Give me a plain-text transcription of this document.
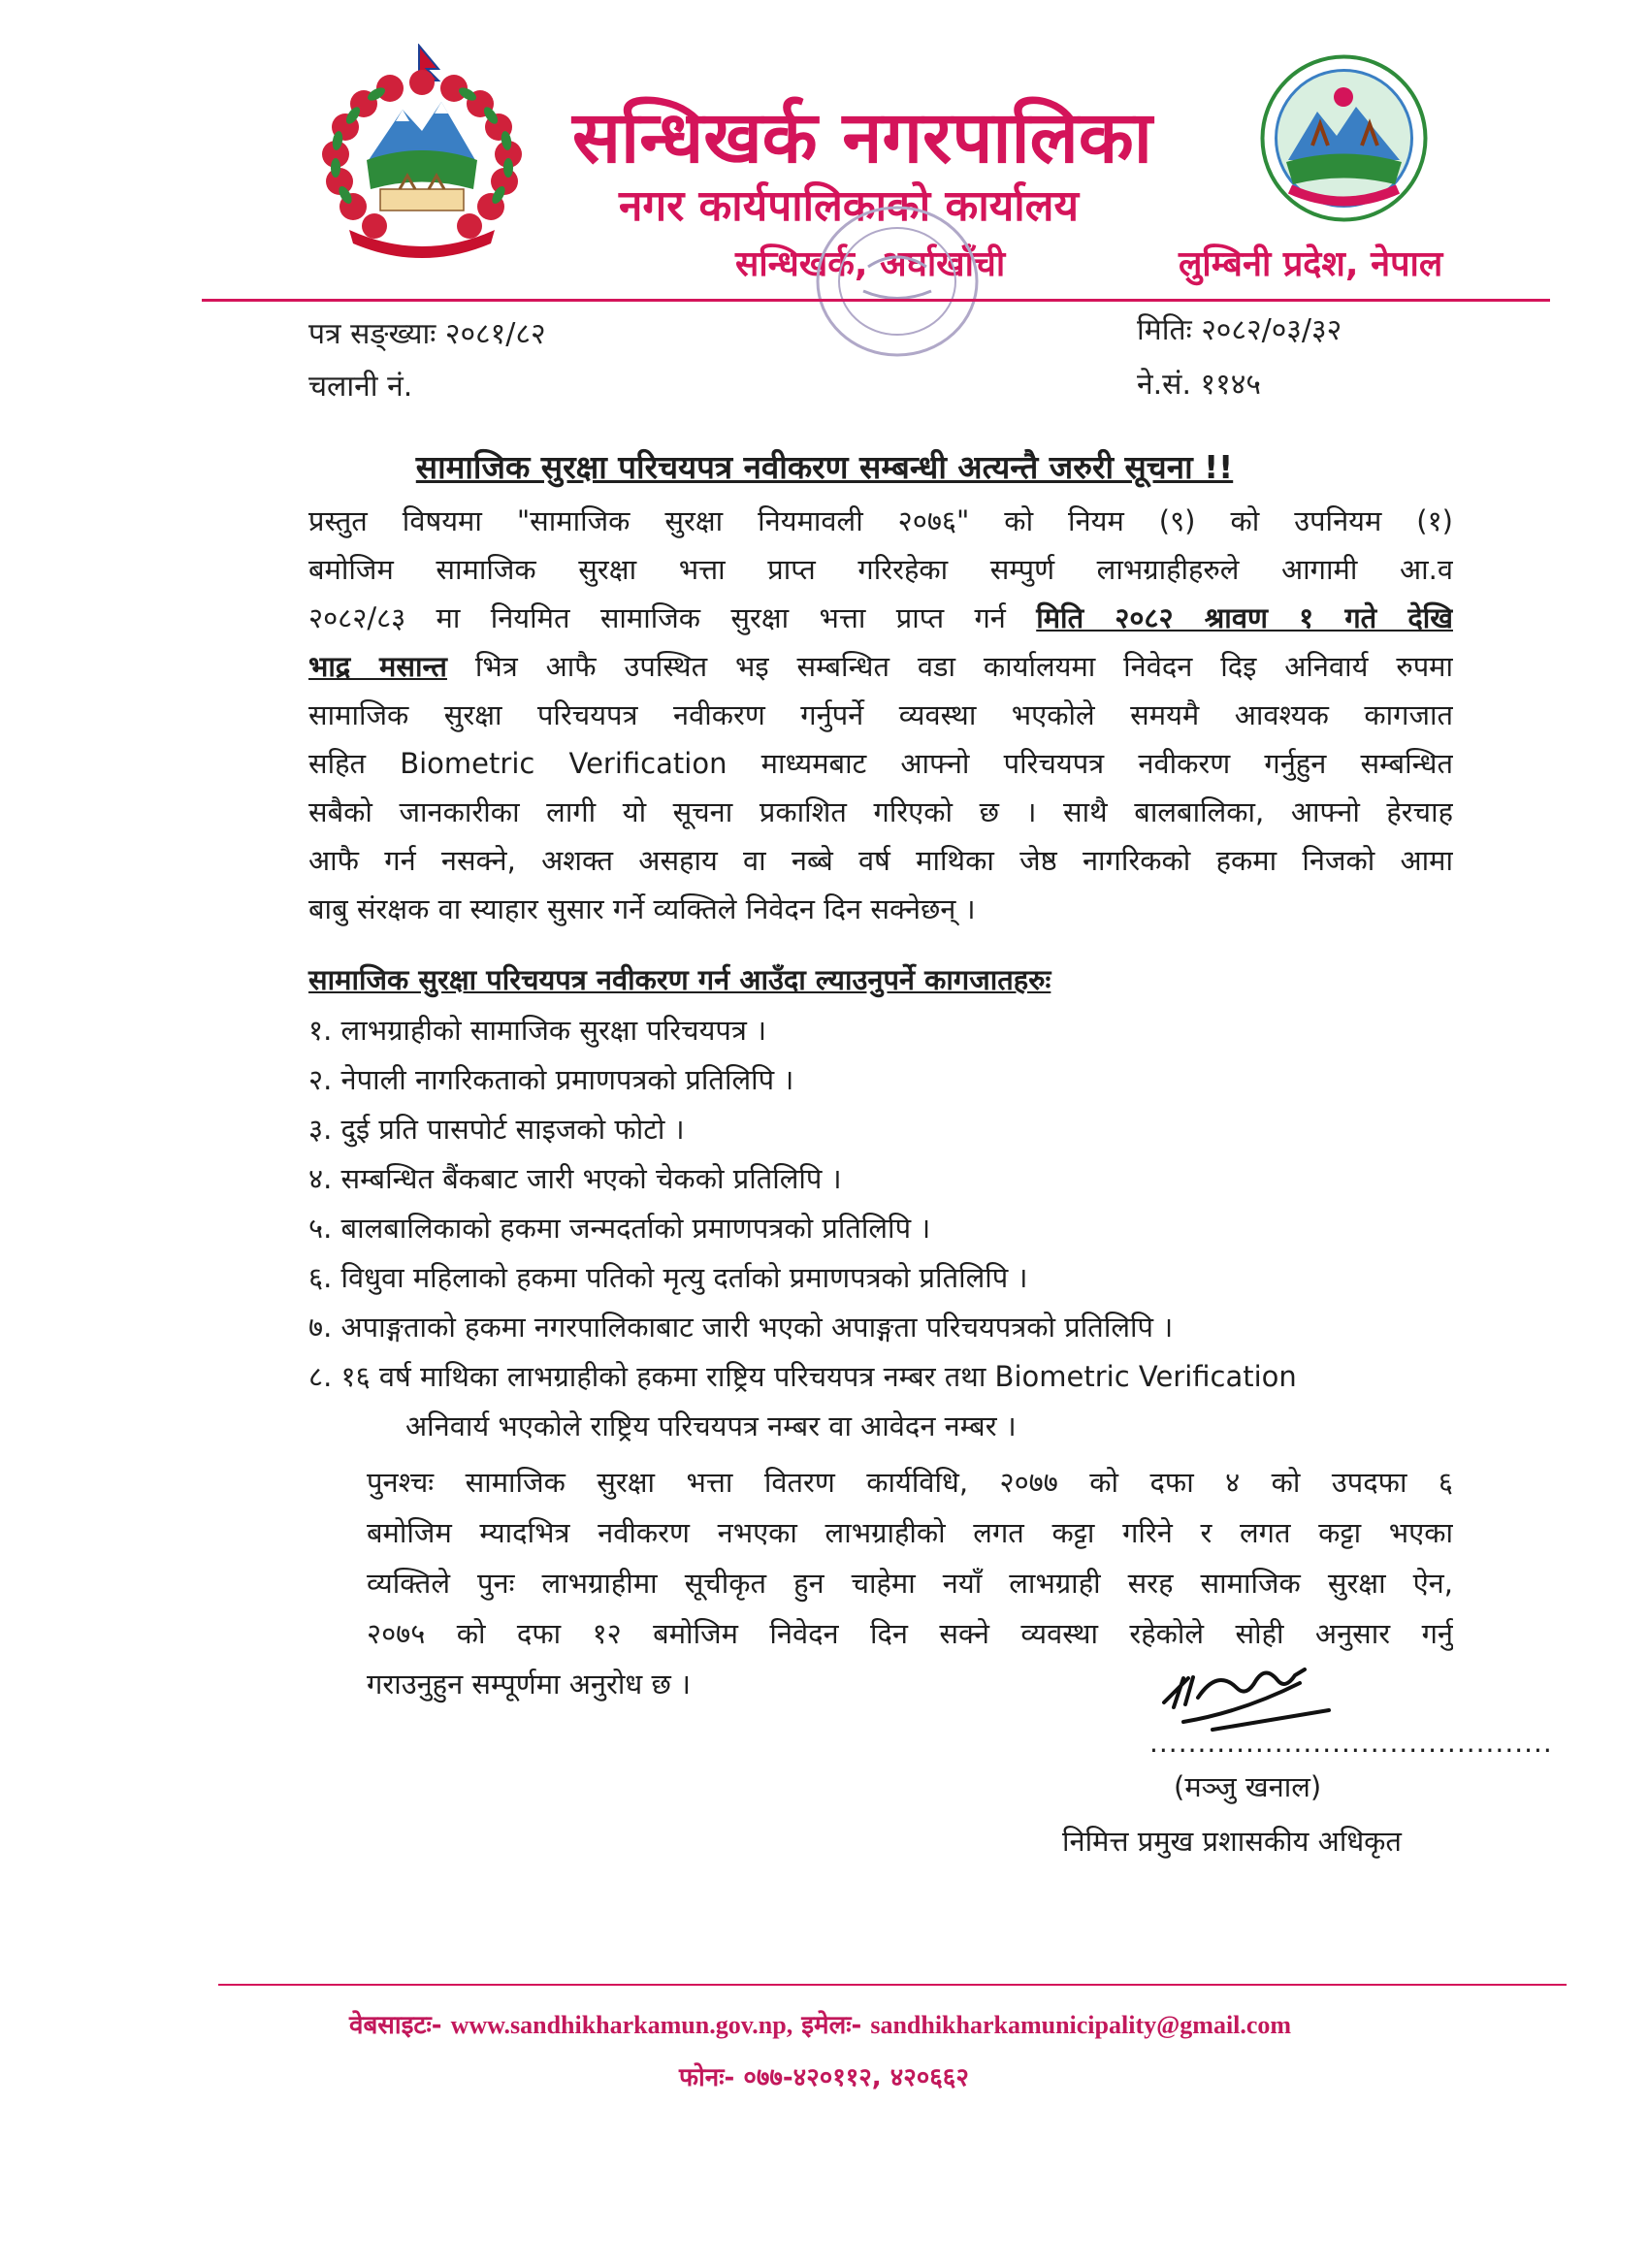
सन्धिखर्क नगरपालिका
नगर कार्यपालिकाको कार्यालय
सन्धिखर्क, अर्घाखाँची	लुम्बिनी प्रदेश, नेपाल
पत्र सङ्ख्याः २०८१/८२
चलानी नं.
मितिः २०८२/०३/३२
ने.सं. ११४५
सामाजिक सुरक्षा परिचयपत्र नवीकरण सम्बन्धी अत्यन्तै जरुरी सूचना !!
प्रस्तुत विषयमा "सामाजिक सुरक्षा नियमावली २०७६" को नियम (९) को उपनियम (१)
बमोजिम सामाजिक सुरक्षा भत्ता प्राप्त गरिरहेका सम्पुर्ण लाभग्राहीहरुले आगामी आ.व
२०८२/८३ मा नियमित सामाजिक सुरक्षा भत्ता प्राप्त गर्न मिति २०८२ श्रावण १ गते देखि
भाद्र मसान्त भित्र आफै उपस्थित भइ सम्बन्धित वडा कार्यालयमा निवेदन दिइ अनिवार्य रुपमा
सामाजिक सुरक्षा परिचयपत्र नवीकरण गर्नुपर्ने व्यवस्था भएकोले समयमै आवश्यक कागजात
सहित Biometric Verification माध्यमबाट आफ्नो परिचयपत्र नवीकरण गर्नुहुन सम्बन्धित
सबैको जानकारीका लागी यो सूचना प्रकाशित गरिएको छ । साथै बालबालिका, आफ्नो हेरचाह
आफै गर्न नसक्ने, अशक्त असहाय वा नब्बे वर्ष माथिका जेष्ठ नागरिकको हकमा निजको आमा
बाबु संरक्षक वा स्याहार सुसार गर्ने व्यक्तिले निवेदन दिन सक्नेछन् ।
सामाजिक सुरक्षा परिचयपत्र नवीकरण गर्न आउँदा ल्याउनुपर्ने कागजातहरुः
१. लाभग्राहीको सामाजिक सुरक्षा परिचयपत्र ।
२. नेपाली नागरिकताको प्रमाणपत्रको प्रतिलिपि ।
३. दुई प्रति पासपोर्ट साइजको फोटो ।
४. सम्बन्धित बैंकबाट जारी भएको चेकको प्रतिलिपि ।
५. बालबालिकाको हकमा जन्मदर्ताको प्रमाणपत्रको प्रतिलिपि ।
६. विधुवा महिलाको हकमा पतिको मृत्यु दर्ताको प्रमाणपत्रको प्रतिलिपि ।
७. अपाङ्गताको हकमा नगरपालिकाबाट जारी भएको अपाङ्गता परिचयपत्रको प्रतिलिपि ।
८. १६ वर्ष माथिका लाभग्राहीको हकमा राष्ट्रिय परिचयपत्र नम्बर तथा Biometric Verification
अनिवार्य भएकोले राष्ट्रिय परिचयपत्र नम्बर वा आवेदन नम्बर ।
पुनश्चः सामाजिक सुरक्षा भत्ता वितरण कार्यविधि, २०७७ को दफा ४ को उपदफा ६
बमोजिम म्यादभित्र नवीकरण नभएका लाभग्राहीको लगत कट्टा गरिने र लगत कट्टा भएका
व्यक्तिले पुनः लाभग्राहीमा सूचीकृत हुन चाहेमा नयाँ लाभग्राही सरह सामाजिक सुरक्षा ऐन,
२०७५ को दफा १२ बमोजिम निवेदन दिन सक्ने व्यवस्था रहेकोले सोही अनुसार गर्नु
गराउनुहुन सम्पूर्णमा अनुरोध छ ।
..........................................
(मञ्जु खनाल)
निमित्त प्रमुख प्रशासकीय अधिकृत
वेबसाइटः- www.sandhikharkamun.gov.np, इमेलः- sandhikharkamunicipality@gmail.com
फोनः- ०७७-४२०११२, ४२०६६२
